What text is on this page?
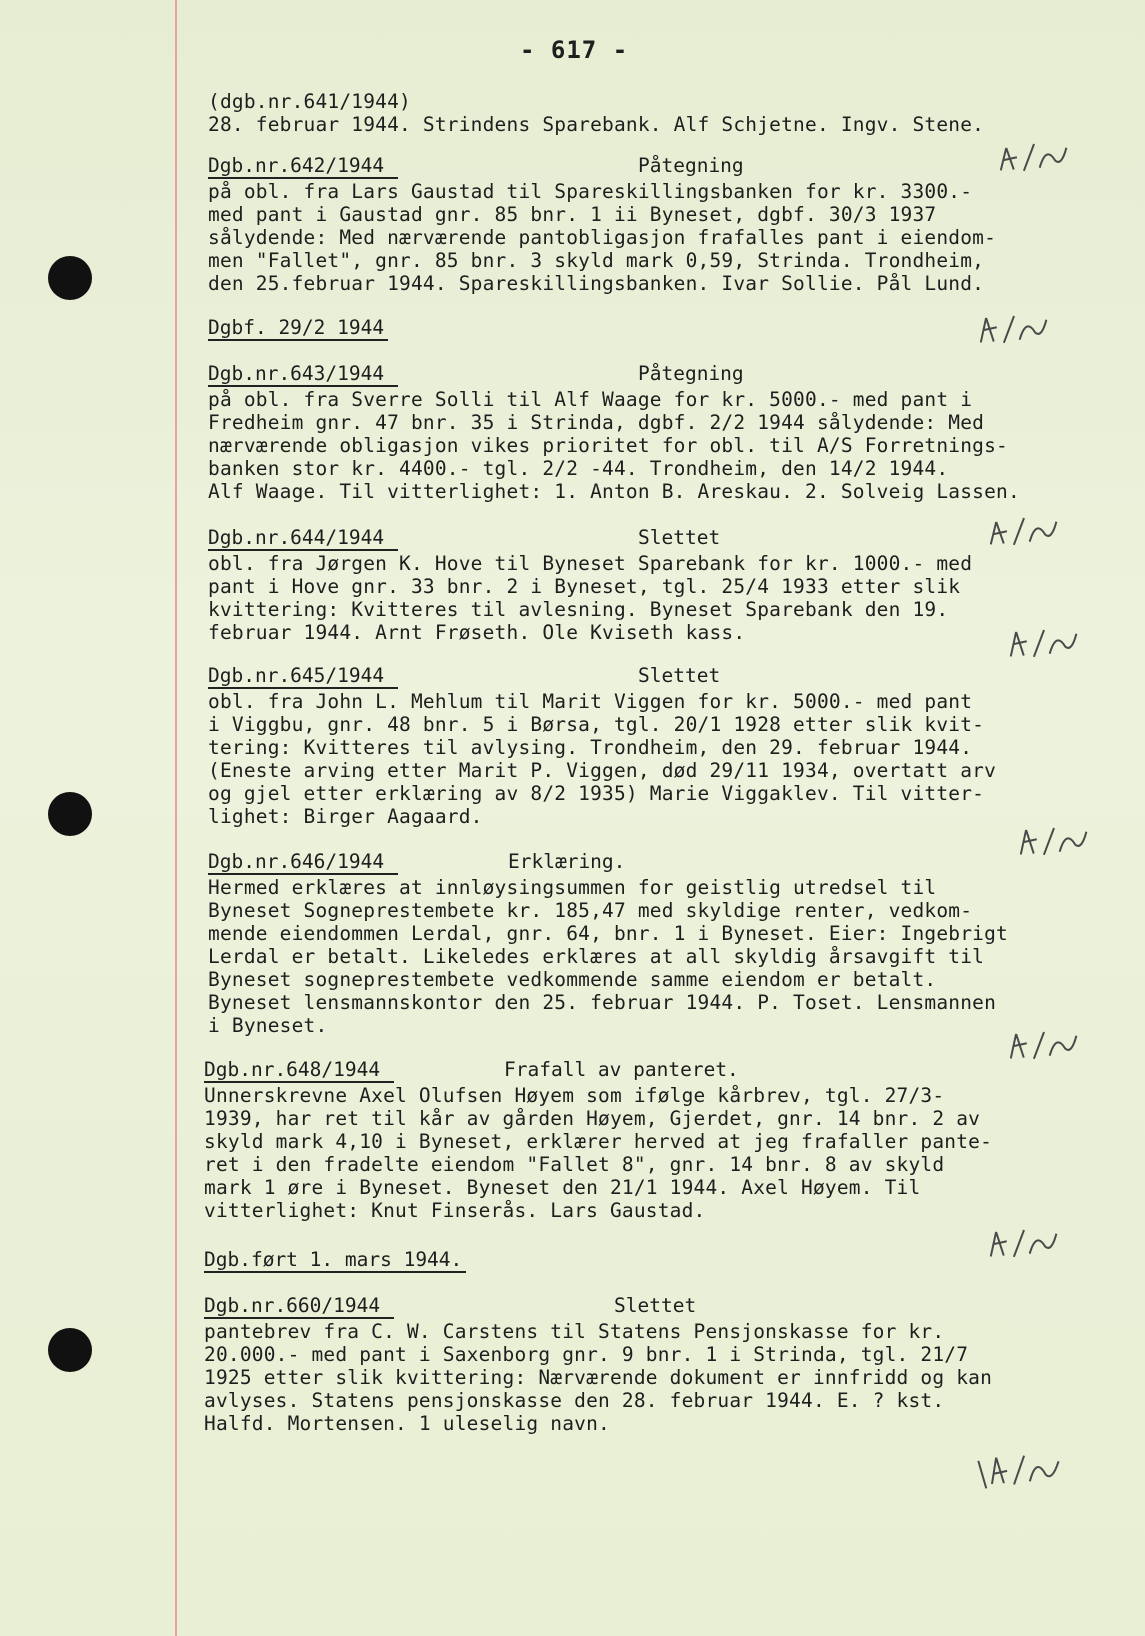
- 617 -
(dgb.nr.641/1944)
28. februar 1944. Strindens Sparebank. Alf Schjetne. Ingv. Stene.
Dgb.nr.642/1944	Påtegning
på obl. fra Lars Gaustad til Spareskillingsbanken for kr. 3300.-
med pant i Gaustad gnr. 85 bnr. 1 ii Byneset, dgbf. 30/3 1937
sålydende: Med nærværende pantobligasjon frafalles pant i eiendom-
men "Fallet", gnr. 85 bnr. 3 skyld mark 0,59, Strinda. Trondheim,
den 25.februar 1944. Spareskillingsbanken. Ivar Sollie. Pål Lund.
Dgbf. 29/2 1944
Dgb.nr.643/1944	Påtegning
på obl. fra Sverre Solli til Alf Waage for kr. 5000.- med pant i
Fredheim gnr. 47 bnr. 35 i Strinda, dgbf. 2/2 1944 sålydende: Med
nærværende obligasjon vikes prioritet for obl. til A/S Forretnings-
banken stor kr. 4400.- tgl. 2/2 -44. Trondheim, den 14/2 1944.
Alf Waage. Til vitterlighet: 1. Anton B. Areskau. 2. Solveig Lassen.
Dgb.nr.644/1944	Slettet
obl. fra Jørgen K. Hove til Byneset Sparebank for kr. 1000.- med
pant i Hove gnr. 33 bnr. 2 i Byneset, tgl. 25/4 1933 etter slik
kvittering: Kvitteres til avlesning. Byneset Sparebank den 19.
februar 1944. Arnt Frøseth. Ole Kviseth kass.
Dgb.nr.645/1944	Slettet
obl. fra John L. Mehlum til Marit Viggen for kr. 5000.- med pant
i Viggbu, gnr. 48 bnr. 5 i Børsa, tgl. 20/1 1928 etter slik kvit-
tering: Kvitteres til avlysing. Trondheim, den 29. februar 1944.
(Eneste arving etter Marit P. Viggen, død 29/11 1934, overtatt arv
og gjel etter erklæring av 8/2 1935) Marie Viggaklev. Til vitter-
lighet: Birger Aagaard.
Dgb.nr.646/1944	Erklæring.
Hermed erklæres at innløysingsummen for geistlig utredsel til
Byneset Sogneprestembete kr. 185,47 med skyldige renter, vedkom-
mende eiendommen Lerdal, gnr. 64, bnr. 1 i Byneset. Eier: Ingebrigt
Lerdal er betalt. Likeledes erklæres at all skyldig årsavgift til
Byneset sogneprestembete vedkommende samme eiendom er betalt.
Byneset lensmannskontor den 25. februar 1944. P. Toset. Lensmannen
i Byneset.
Dgb.nr.648/1944	Frafall av panteret.
Unnerskrevne Axel Olufsen Høyem som ifølge kårbrev, tgl. 27/3-
1939, har ret til kår av gården Høyem, Gjerdet, gnr. 14 bnr. 2 av
skyld mark 4,10 i Byneset, erklærer herved at jeg frafaller pante-
ret i den fradelte eiendom "Fallet 8", gnr. 14 bnr. 8 av skyld
mark 1 øre i Byneset. Byneset den 21/1 1944. Axel Høyem. Til
vitterlighet: Knut Finserås. Lars Gaustad.
Dgb.ført 1. mars 1944.
Dgb.nr.660/1944	Slettet
pantebrev fra C. W. Carstens til Statens Pensjonskasse for kr.
20.000.- med pant i Saxenborg gnr. 9 bnr. 1 i Strinda, tgl. 21/7
1925 etter slik kvittering: Nærværende dokument er innfridd og kan
avlyses. Statens pensjonskasse den 28. februar 1944. E. ? kst.
Halfd. Mortensen. 1 uleselig navn.
